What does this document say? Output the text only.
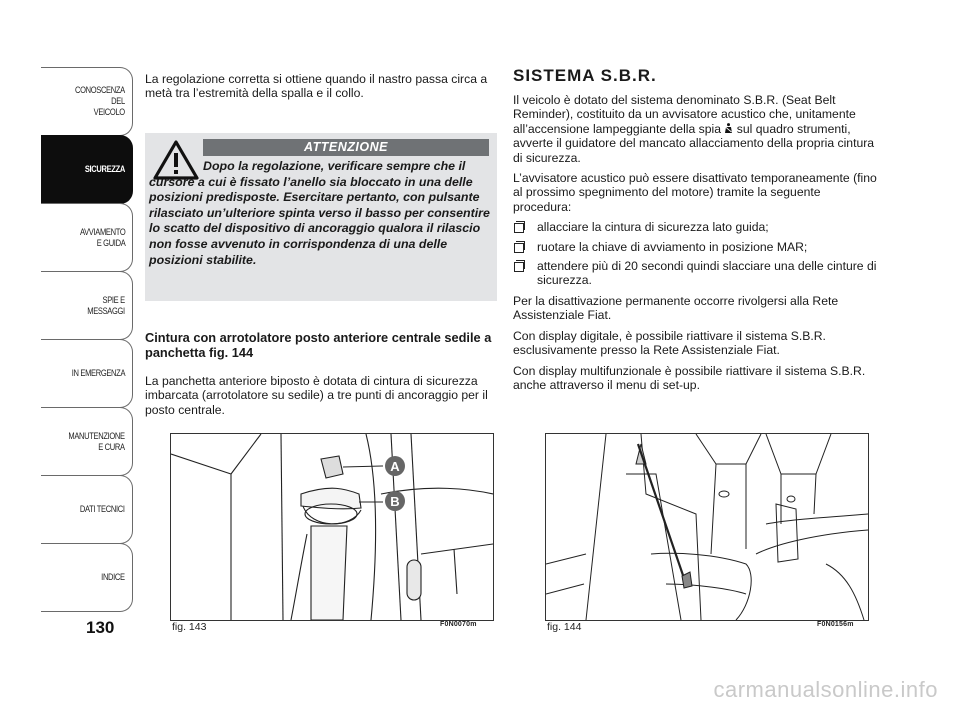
CONOSCENZA
DEL
VEICOLO
SICUREZZA
AVVIAMENTO
E GUIDA
SPIE E
MESSAGGI
IN EMERGENZA
MANUTENZIONE
E CURA
DATI TECNICI
INDICE
130

La regolazione corretta si ottiene quando il nastro passa circa a metà tra l’estremità della spalla e il collo.

ATTENZIONE
Dopo la regolazione, verificare sempre che il cursore a cui è fissato l’anello sia bloccato in una delle posizioni predisposte. Esercitare pertanto, con pulsante rilasciato un’ulteriore spinta verso il basso per consentire lo scatto del dispositivo di ancoraggio qualora il rilascio non fosse avvenuto in corrispondenza di una delle posizioni stabilite.

Cintura con arrotolatore posto anteriore centrale sedile a panchetta fig. 144

La panchetta anteriore biposto è dotata di cintura di sicurezza imbarcata (arrotolatore su sedile) a tre punti di ancoraggio per il posto centrale.

A
B
fig. 143	F0N0070m	fig. 144	F0N0156m
SISTEMA S.B.R.

Il veicolo è dotato del sistema denominato S.B.R. (Seat Belt Reminder), costituito da un avvisatore acustico che, unitamente all’accensione lampeggiante della spia sul quadro strumenti, avverte il guidatore del mancato allacciamento della propria cintura di sicurezza.

L’avvisatore acustico può essere disattivato temporaneamente (fino al prossimo spegnimento del motore) tramite la seguente procedura:

allacciare la cintura di sicurezza lato guida;
ruotare la chiave di avviamento in posizione MAR;
attendere più di 20 secondi quindi slacciare una delle cinture di sicurezza.

Per la disattivazione permanente occorre rivolgersi alla Rete Assistenziale Fiat.

Con display digitale, è possibile riattivare il sistema S.B.R. esclusivamente presso la Rete Assistenziale Fiat.

Con display multifunzionale è possibile riattivare il sistema S.B.R. anche attraverso il menu di set-up.

carmanualsonline.info
